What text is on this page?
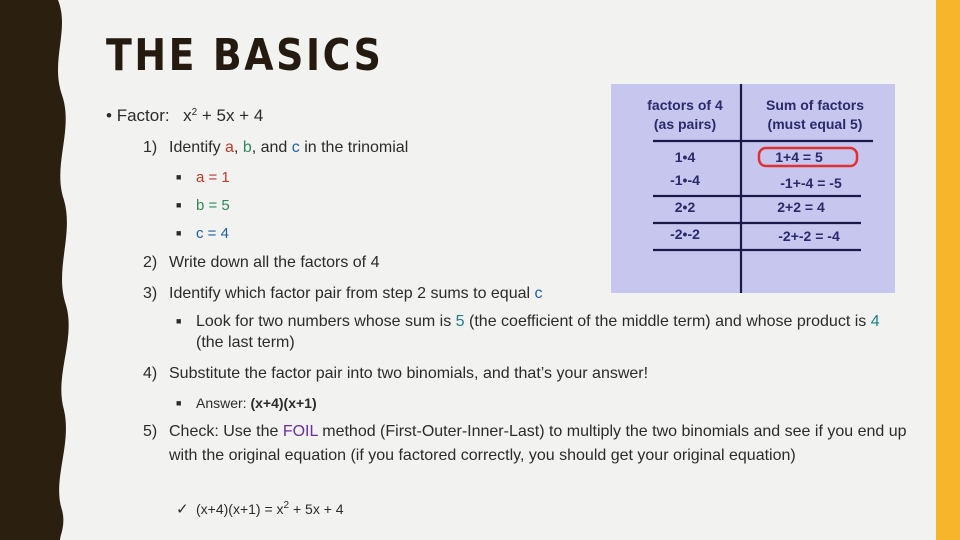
THE BASICS
• Factor: $x^2 + 5x + 4$
1) Identify a, b, and c in the trinomial
■ a = 1
■ b = 5
■ c = 4
2) Write down all the factors of 4
3) Identify which factor pair from step 2 sums to equal c
■ Look for two numbers whose sum is 5 (the coefficient of the middle term) and whose product is 4 (the last term)
4) Substitute the factor pair into two binomials, and that’s your answer!
■ Answer: (x+4)(x+1)
5) Check: Use the FOIL method (First-Outer-Inner-Last) to multiply the two binomials and see if you end up with the original equation (if you factored correctly, you should get your original equation)
✓ $(x+4)(x+1) = x^2 + 5x + 4$
factors of 4
(as pairs)
Sum of factors
(must equal 5)
1•4	1+4 = 5
-1•-4	-1+-4 = -5
2•2	2+2 = 4
-2•-2	-2+-2 = -4
